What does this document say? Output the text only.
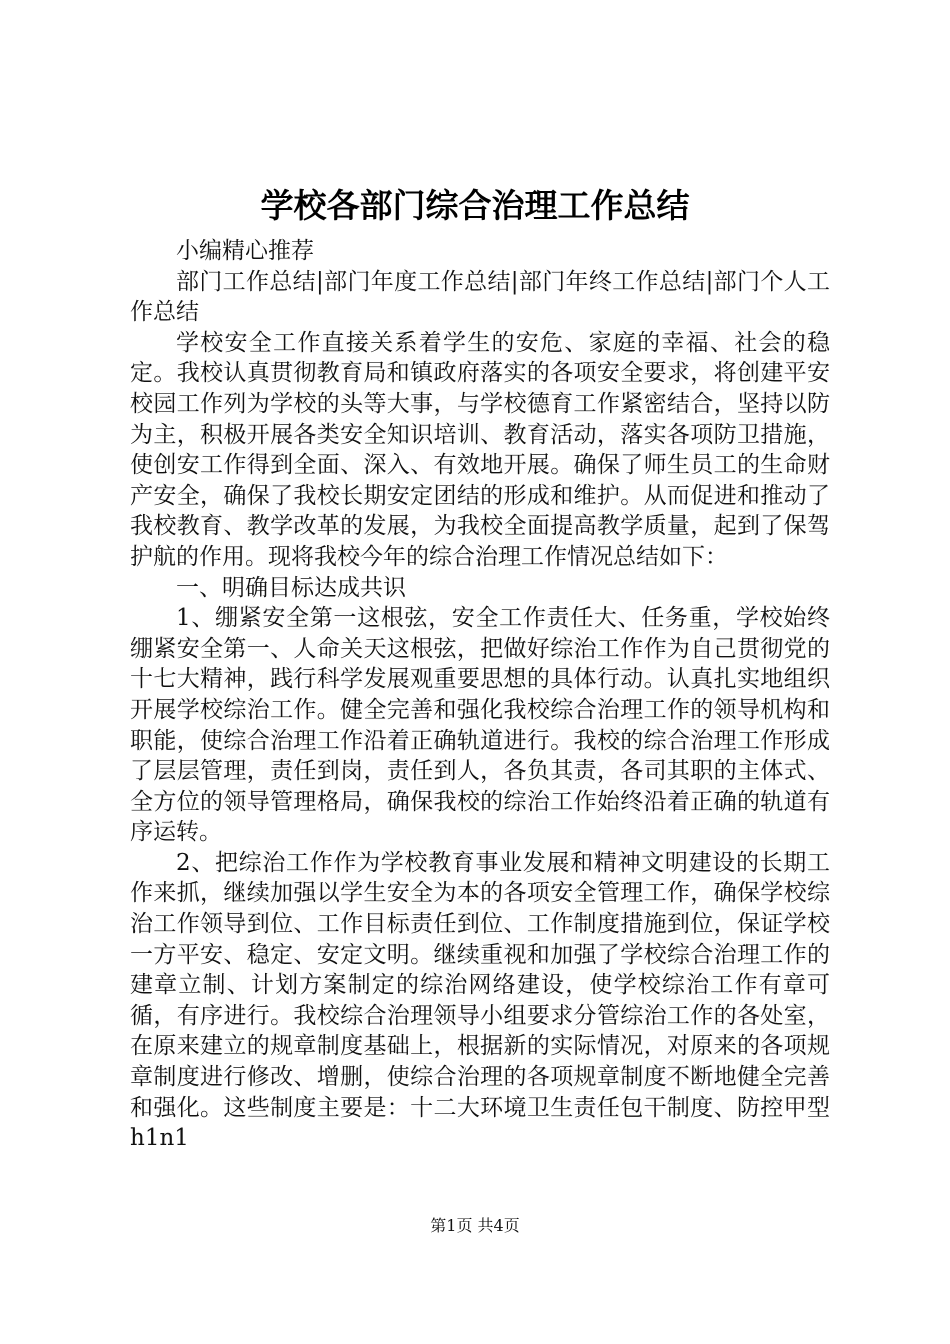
学校各部门综合治理工作总结

小编精心推荐

部门工作总结|部门年度工作总结|部门年终工作总结|部门个人工作总结

学校安全工作直接关系着学生的安危、家庭的幸福、社会的稳定。我校认真贯彻教育局和镇政府落实的各项安全要求，将创建平安校园工作列为学校的头等大事，与学校德育工作紧密结合，坚持以防为主，积极开展各类安全知识培训、教育活动，落实各项防卫措施，使创安工作得到全面、深入、有效地开展。确保了师生员工的生命财产安全，确保了我校长期安定团结的形成和维护。从而促进和推动了我校教育、教学改革的发展，为我校全面提高教学质量，起到了保驾护航的作用。现将我校今年的综合治理工作情况总结如下：

一、明确目标达成共识

1、绷紧安全第一这根弦，安全工作责任大、任务重，学校始终绷紧安全第一、人命关天这根弦，把做好综治工作作为自己贯彻党的十七大精神，践行科学发展观重要思想的具体行动。认真扎实地组织开展学校综治工作。健全完善和强化我校综合治理工作的领导机构和职能，使综合治理工作沿着正确轨道进行。我校的综合治理工作形成了层层管理，责任到岗，责任到人，各负其责，各司其职的主体式、全方位的领导管理格局，确保我校的综治工作始终沿着正确的轨道有序运转。

2、把综治工作作为学校教育事业发展和精神文明建设的长期工作来抓，继续加强以学生安全为本的各项安全管理工作，确保学校综治工作领导到位、工作目标责任到位、工作制度措施到位，保证学校一方平安、稳定、安定文明。继续重视和加强了学校综合治理工作的建章立制、计划方案制定的综治网络建设，使学校综治工作有章可循，有序进行。我校综合治理领导小组要求分管综治工作的各处室，在原来建立的规章制度基础上，根据新的实际情况，对原来的各项规章制度进行修改、增删，使综合治理的各项规章制度不断地健全完善和强化。这些制度主要是：十二大环境卫生责任包干制度、防控甲型h1n1

第1页 共4页
